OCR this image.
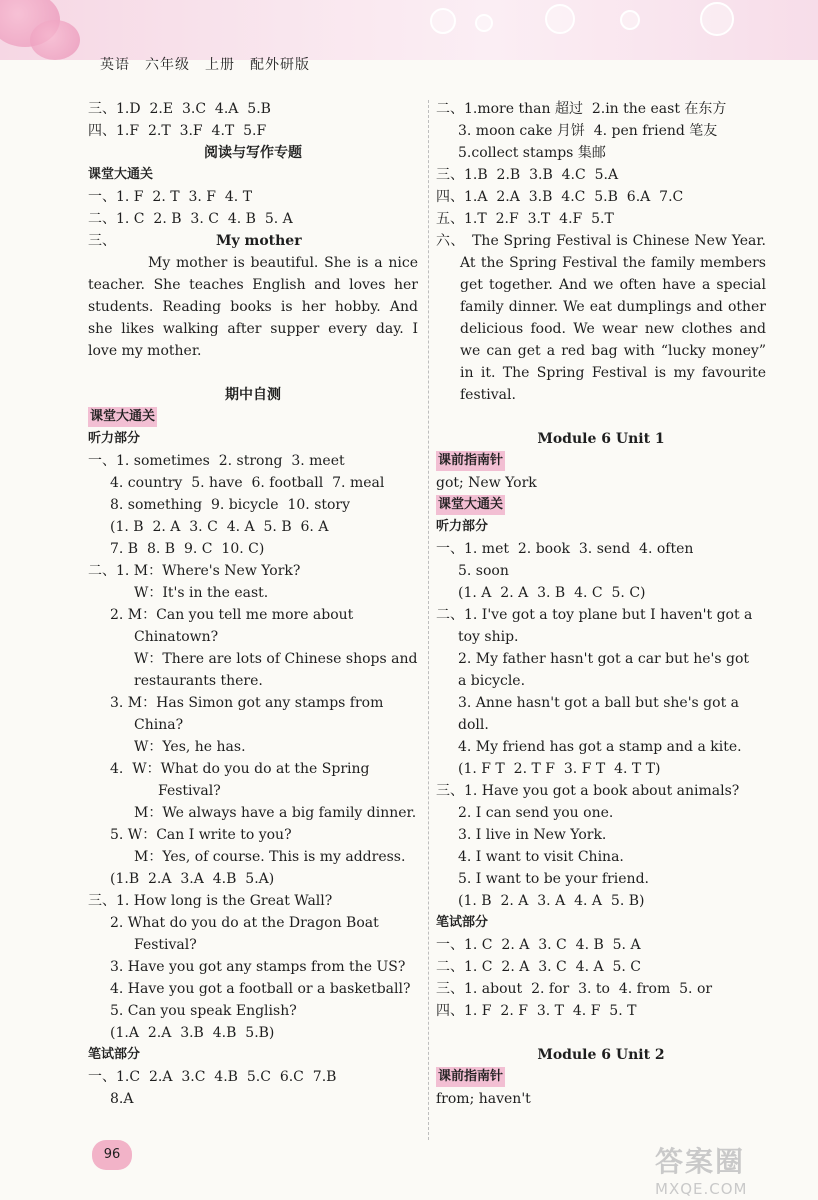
英语　六年级　上册　配外研版
三、1.D  2.E  3.C  4.A  5.B
四、1.F  2.T  3.F  4.T  5.F
阅读与写作专题
课堂大通关
一、1. F  2. T  3. F  4. T
二、1. C  2. B  3. C  4. B  5. A
三、	My mother
My mother is beautiful. She is a nice teacher. She teaches English and loves her students. Reading books is her hobby. And she likes walking after supper every day. I love my mother.
期中自测
课堂大通关
听力部分
一、1. sometimes  2. strong  3. meet
4. country  5. have  6. football  7. meal
8. something  9. bicycle  10. story
(1. B  2. A  3. C  4. A  5. B  6. A
7. B  8. B  9. C  10. C)
二、1. M：Where's New York?
W：It's in the east.
2. M：Can you tell me more about
Chinatown?
W：There are lots of Chinese shops and
restaurants there.
3. M：Has Simon got any stamps from
China?
W：Yes, he has.
4.  W：What do you do at the Spring
Festival?
M：We always have a big family dinner.
5. W：Can I write to you?
M：Yes, of course. This is my address.
(1.B  2.A  3.A  4.B  5.A)
三、1. How long is the Great Wall?
2. What do you do at the Dragon Boat
Festival?
3. Have you got any stamps from the US?
4. Have you got a football or a basketball?
5. Can you speak English?
(1.A  2.A  3.B  4.B  5.B)
笔试部分
一、1.C  2.A  3.C  4.B  5.C  6.C  7.B
8.A
二、1.more than 超过  2.in the east 在东方
3. moon cake 月饼  4. pen friend 笔友
5.collect stamps 集邮
三、1.B  2.B  3.B  4.C  5.A
四、1.A  2.A  3.B  4.C  5.B  6.A  7.C
五、1.T  2.F  3.T  4.F  5.T
六、　The Spring Festival is Chinese New Year. At the Spring Festival the family members get together. And we often have a special family dinner. We eat dumplings and other delicious food. We wear new clothes and we can get a red bag with “lucky money” in it. The Spring Festival is my favourite festival.
Module 6 Unit 1
课前指南针
got; New York
课堂大通关
听力部分
一、1. met  2. book  3. send  4. often
5. soon
(1. A  2. A  3. B  4. C  5. C)
二、1. I've got a toy plane but I haven't got a
toy ship.
2. My father hasn't got a car but he's got
a bicycle.
3. Anne hasn't got a ball but she's got a
doll.
4. My friend has got a stamp and a kite.
(1. F T  2. T F  3. F T  4. T T)
三、1. Have you got a book about animals?
2. I can send you one.
3. I live in New York.
4. I want to visit China.
5. I want to be your friend.
(1. B  2. A  3. A  4. A  5. B)
笔试部分
一、1. C  2. A  3. C  4. B  5. A
二、1. C  2. A  3. C  4. A  5. C
三、1. about  2. for  3. to  4. from  5. or
四、1. F  2. F  3. T  4. F  5. T
Module 6 Unit 2
课前指南针
from; haven't
96	答案圈
MXQE.COM
